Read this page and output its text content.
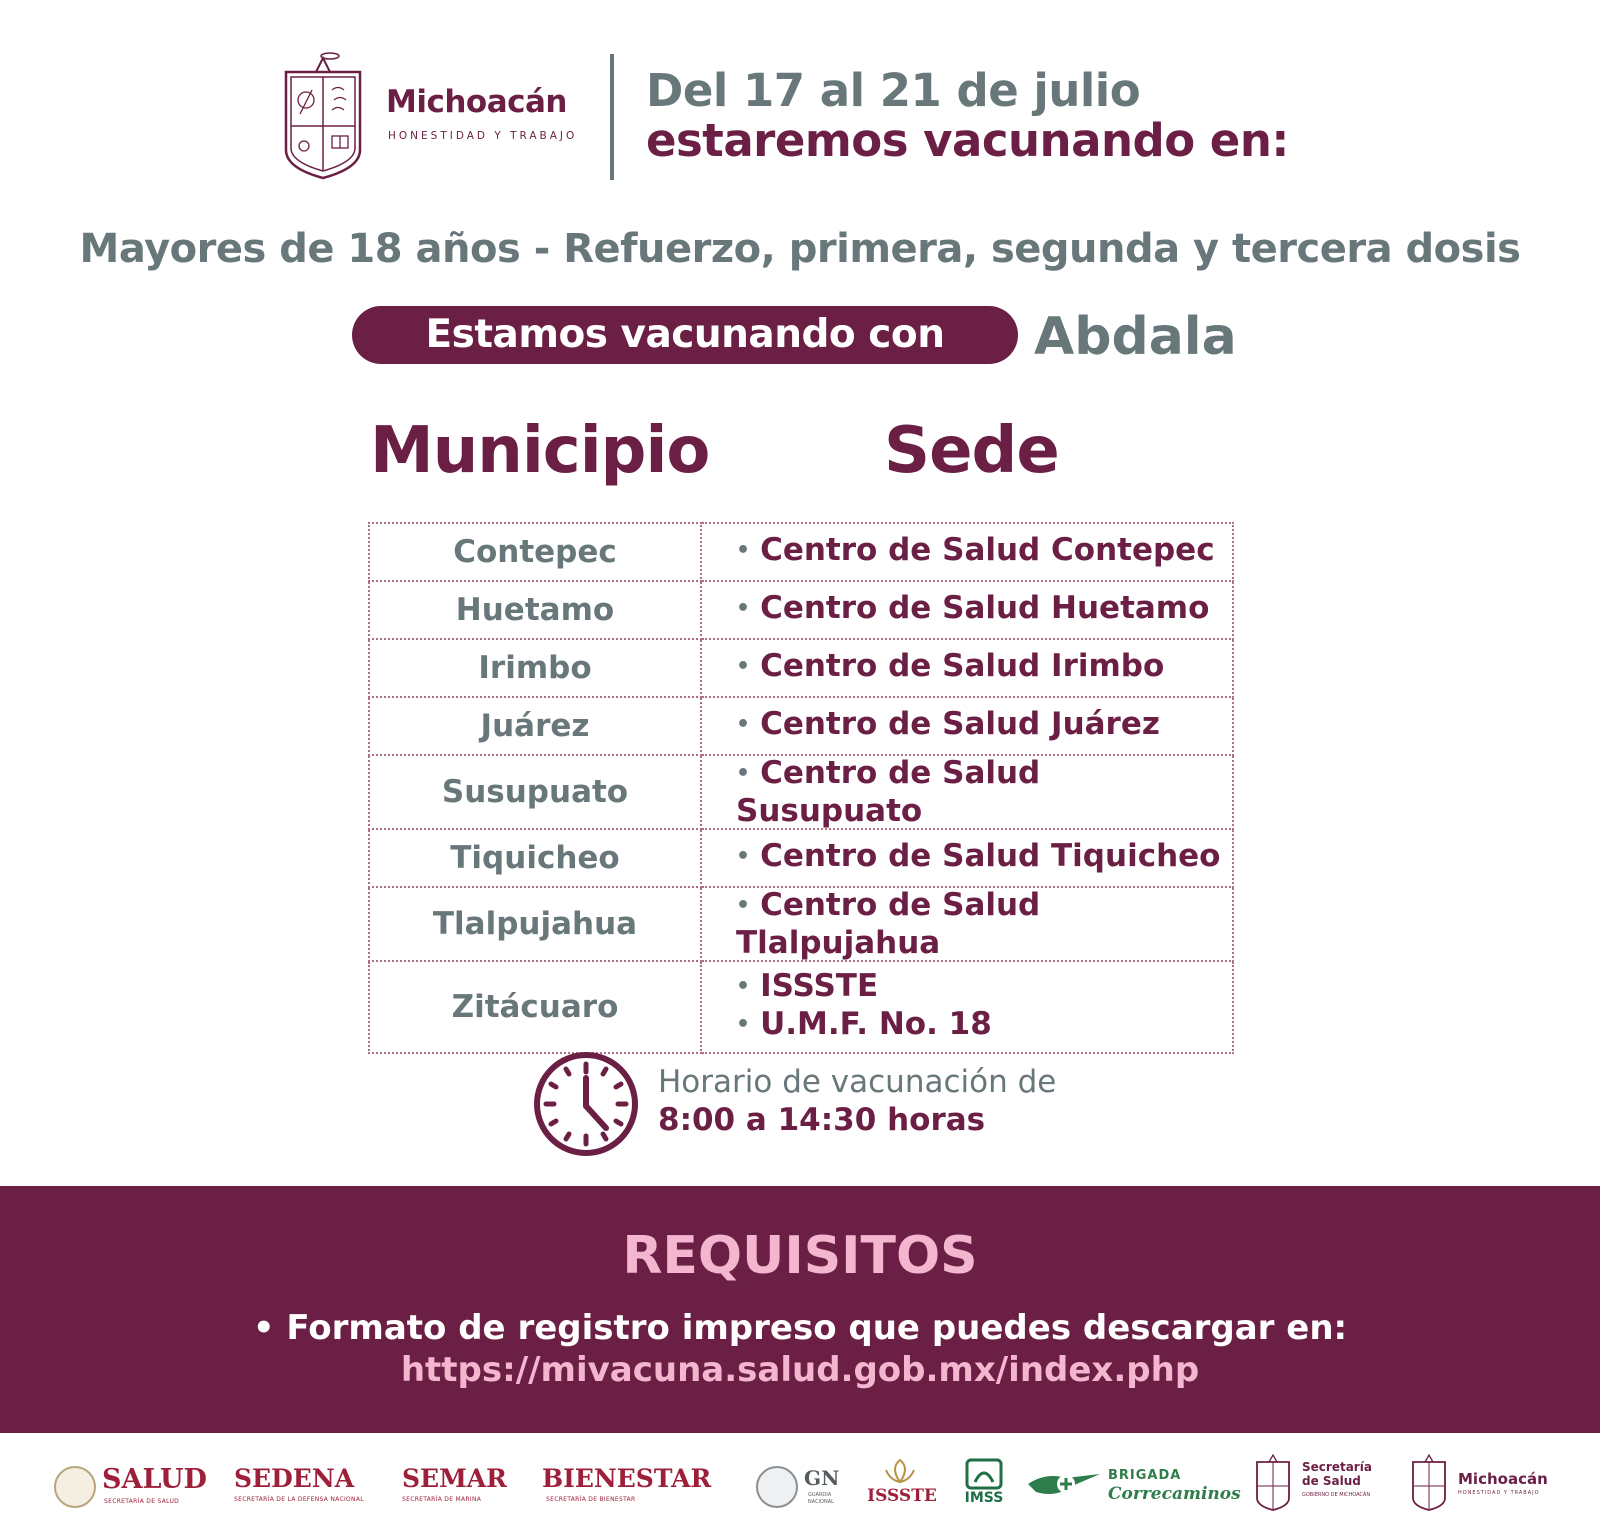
Michoacán
HONESTIDAD Y TRABAJO
Del 17 al 21 de julio
estaremos vacunando en:
Mayores de 18 años - Refuerzo, primera, segunda y tercera dosis
Estamos vacunando con	Abdala
Municipio	Sede
Contepec	• Centro de Salud Contepec

Huetamo	• Centro de Salud Huetamo

Irimbo	• Centro de Salud Irimbo

Juárez	• Centro de Salud Juárez

Susupuato	• Centro de Salud Susupuato

Tiquicheo	• Centro de Salud Tiquicheo

Tlalpujahua	• Centro de Salud Tlalpujahua

Zitácuaro	• ISSSTE
• U.M.F. No. 18
Horario de vacunación de
8:00 a 14:30 horas
REQUISITOS
• Formato de registro impreso que puedes descargar en:
https://mivacuna.salud.gob.mx/index.php
SALUD
SECRETARÍA DE SALUD
SEDENA
SECRETARÍA DE LA DEFENSA NACIONAL
SEMAR
SECRETARÍA DE MARINA
BIENESTAR
SECRETARÍA DE BIENESTAR
GN
GUARDIA
NACIONAL	ISSSTE	IMSS
BRIGADA
Correcaminos
Secretaría
de Salud
GOBIERNO DE MICHOACÁN
Michoacán
HONESTIDAD Y TRABAJO
